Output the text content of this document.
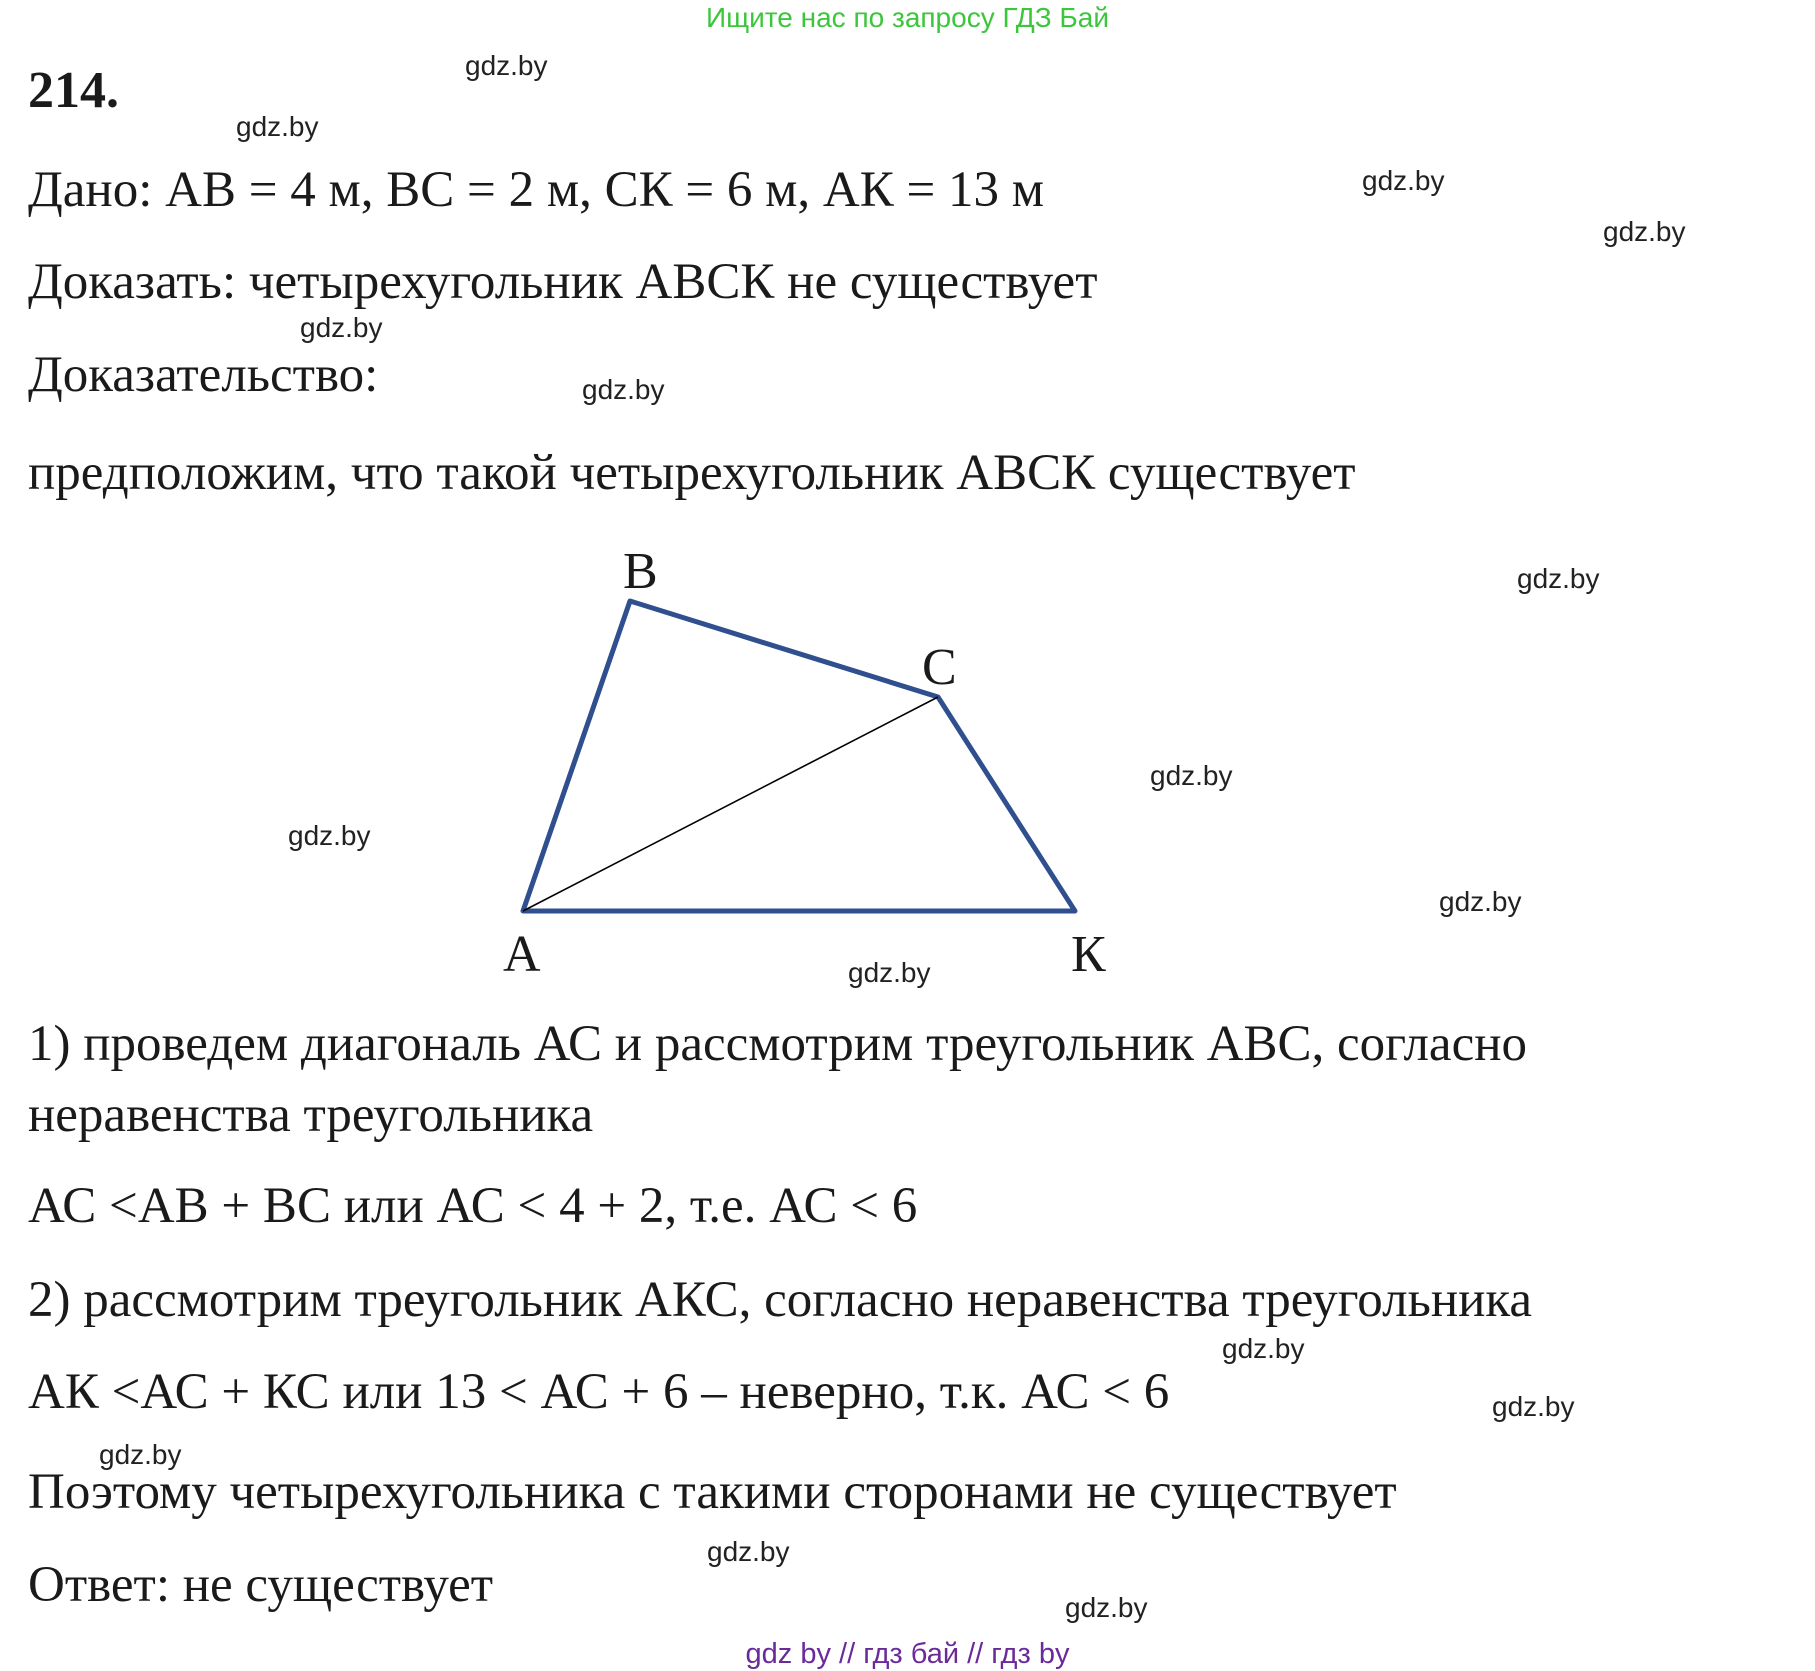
Ищите нас по запросу ГДЗ Бай
214.
Дано: АВ = 4 м, ВС = 2 м, СК = 6 м, АК = 13 м
Доказать: четырехугольник АВСК не существует
Доказательство:
предположим, что такой четырехугольник АВСК существует
В
С
А	К
1) проведем диагональ АС и рассмотрим треугольник АВС, согласно
неравенства треугольника
АС <АВ + ВС или АС < 4 + 2, т.е. АС < 6
2) рассмотрим треугольник АКС, согласно неравенства треугольника
АК <АС + КС или 13 < АС + 6 – неверно, т.к. АС < 6
Поэтому четырехугольника с такими сторонами не существует
Ответ: не существует
gdz.by
gdz.by
gdz.by
gdz.by
gdz.by
gdz.by
gdz.by
gdz.by
gdz.by
gdz.by
gdz.by
gdz.by
gdz.by
gdz.by
gdz.by
gdz.by
gdz by // гдз бай // гдз by
